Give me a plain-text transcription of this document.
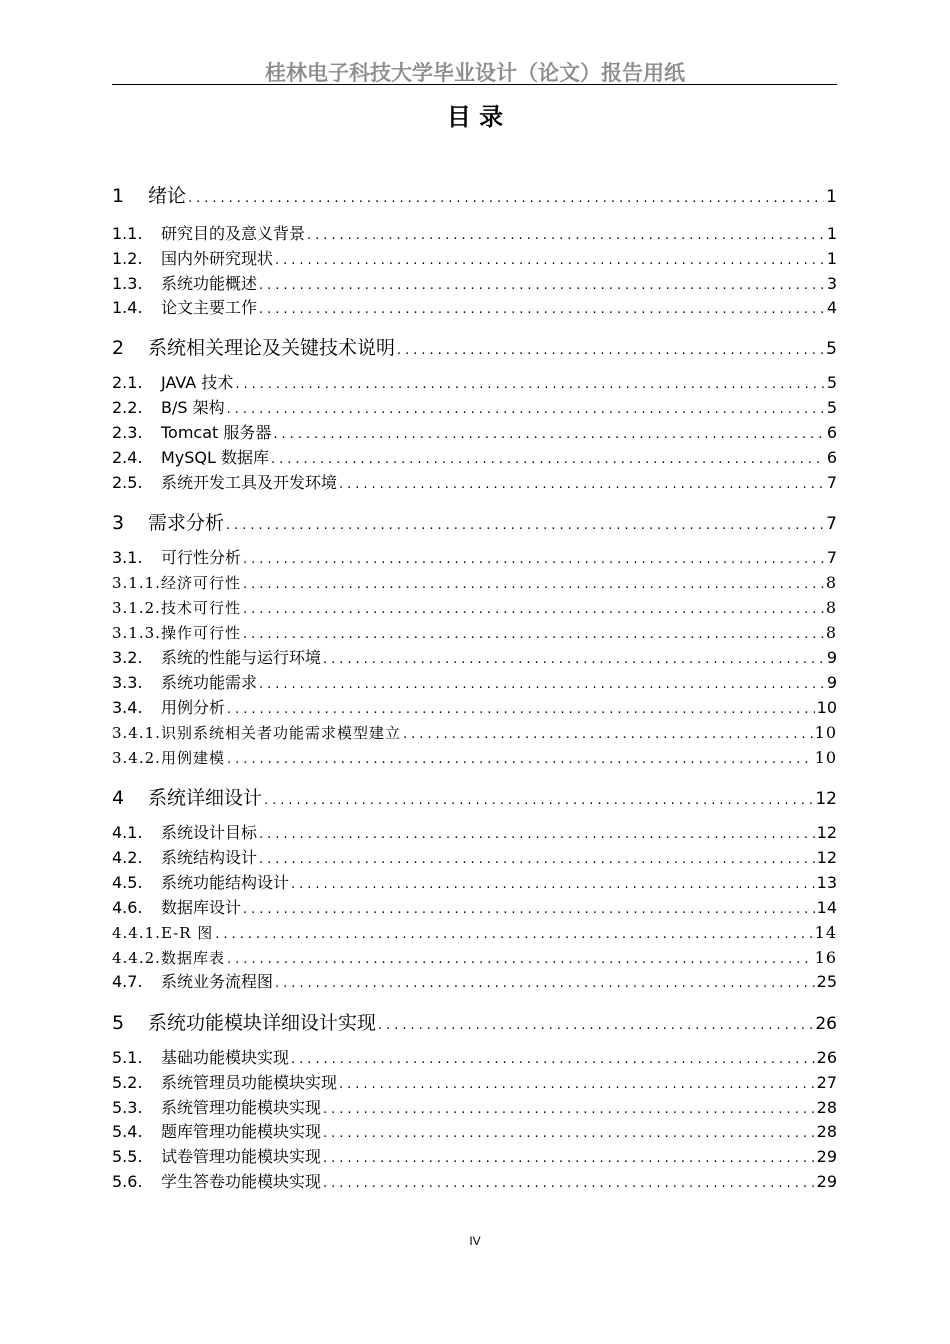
桂林电子科技大学毕业设计（论文）报告用纸
目 录
1	绪论 .....	1
1.1.	研究目的及意义背景 .....	1
1.2.	国内外研究现状 .....	1
1.3.	系统功能概述 .....	3
1.4.	论文主要工作 .....	4
2	系统相关理论及关键技术说明 .....	5
2.1.	JAVA 技术 .....	5
2.2.	B/S 架构 .....	5
2.3.	Tomcat 服务器 .....	6
2.4.	MySQL 数据库 .....	6
2.5.	系统开发工具及开发环境 .....	7
3	需求分析 .....	7
3.1.	可行性分析 .....	7
3.1.1. 经济可行性 .....	8
3.1.2. 技术可行性 .....	8
3.1.3. 操作可行性 .....	8
3.2.	系统的性能与运行环境 .....	9
3.3.	系统功能需求 .....	9
3.4.	用例分析 .....	10
3.4.1. 识别系统相关者功能需求模型建立 .....	10
3.4.2. 用例建模 .....	10
4	系统详细设计 .....	12
4.1.	系统设计目标 .....	12
4.2.	系统结构设计 .....	12
4.5.	系统功能结构设计 .....	13
4.6.	数据库设计 .....	14
4.4.1. E-R 图 .....	14
4.4.2. 数据库表 .....	16
4.7.	系统业务流程图 .....	25
5	系统功能模块详细设计实现 .....	26
5.1.	基础功能模块实现 .....	26
5.2.	系统管理员功能模块实现 .....	27
5.3.	系统管理功能模块实现 .....	28
5.4.	题库管理功能模块实现 .....	28
5.5.	试卷管理功能模块实现 .....	29
5.6.	学生答卷功能模块实现 .....	29
IV
